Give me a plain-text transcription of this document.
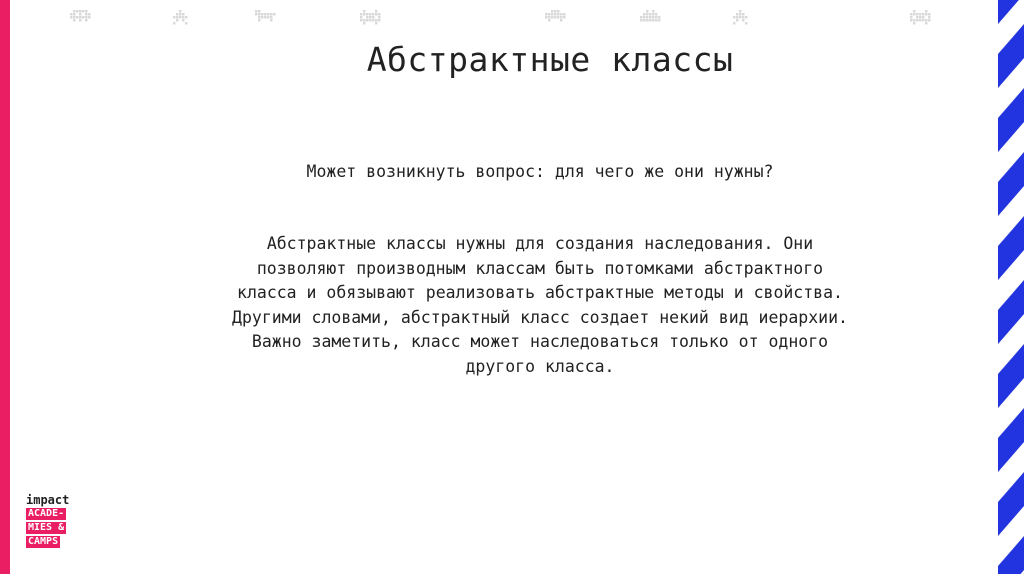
Абстрактные классы
Может возникнуть вопрос: для чего же они нужны?
Абстрактные классы нужны для создания наследования. Они
позволяют производным классам быть потомками абстрактного
класса и обязывают реализовать абстрактные методы и свойства.
Другими словами, абстрактный класс создает некий вид иерархии.
Важно заметить, класс может наследоваться только от одного
другого класса.
impact
ACADE-
MIES &
CAMPS
